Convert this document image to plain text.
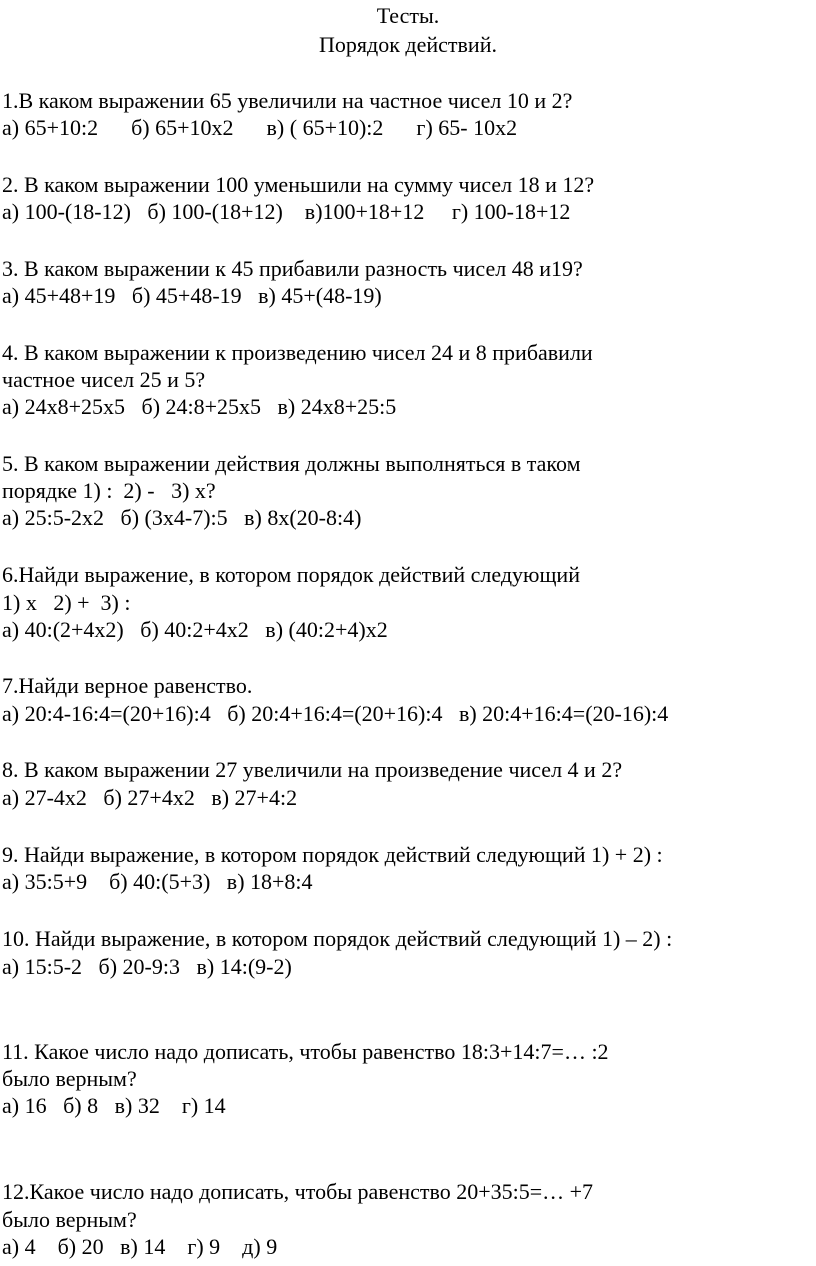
Тесты.
Порядок действий.
1.В каком выражении 65 увеличили на частное чисел 10 и 2?
а) 65+10:2      б) 65+10х2      в) ( 65+10):2      г) 65- 10х2
2. В каком выражении 100 уменьшили на сумму чисел 18 и 12?
а) 100-(18-12)   б) 100-(18+12)    в)100+18+12     г) 100-18+12
3. В каком выражении к 45 прибавили разность чисел 48 и19?
а) 45+48+19   б) 45+48-19   в) 45+(48-19)
4. В каком выражении к произведению чисел 24 и 8 прибавили
частное чисел 25 и 5?
а) 24х8+25х5   б) 24:8+25х5   в) 24х8+25:5
5. В каком выражении действия должны выполняться в таком
порядке 1) :  2) -   3) х?
а) 25:5-2х2   б) (3х4-7):5   в) 8х(20-8:4)
6.Найди выражение, в котором порядок действий следующий
1) х   2) +  3) :
а) 40:(2+4х2)   б) 40:2+4х2   в) (40:2+4)х2
7.Найди верное равенство.
а) 20:4-16:4=(20+16):4   б) 20:4+16:4=(20+16):4   в) 20:4+16:4=(20-16):4
8. В каком выражении 27 увеличили на произведение чисел 4 и 2?
а) 27-4х2   б) 27+4х2   в) 27+4:2
9. Найди выражение, в котором порядок действий следующий 1) + 2) :
а) 35:5+9    б) 40:(5+3)   в) 18+8:4
10. Найди выражение, в котором порядок действий следующий 1) – 2) :
а) 15:5-2   б) 20-9:3   в) 14:(9-2)
11. Какое число надо дописать, чтобы равенство 18:3+14:7=… :2
было верным?
а) 16   б) 8   в) 32    г) 14
12.Какое число надо дописать, чтобы равенство 20+35:5=… +7
было верным?
а) 4    б) 20   в) 14    г) 9    д) 9
